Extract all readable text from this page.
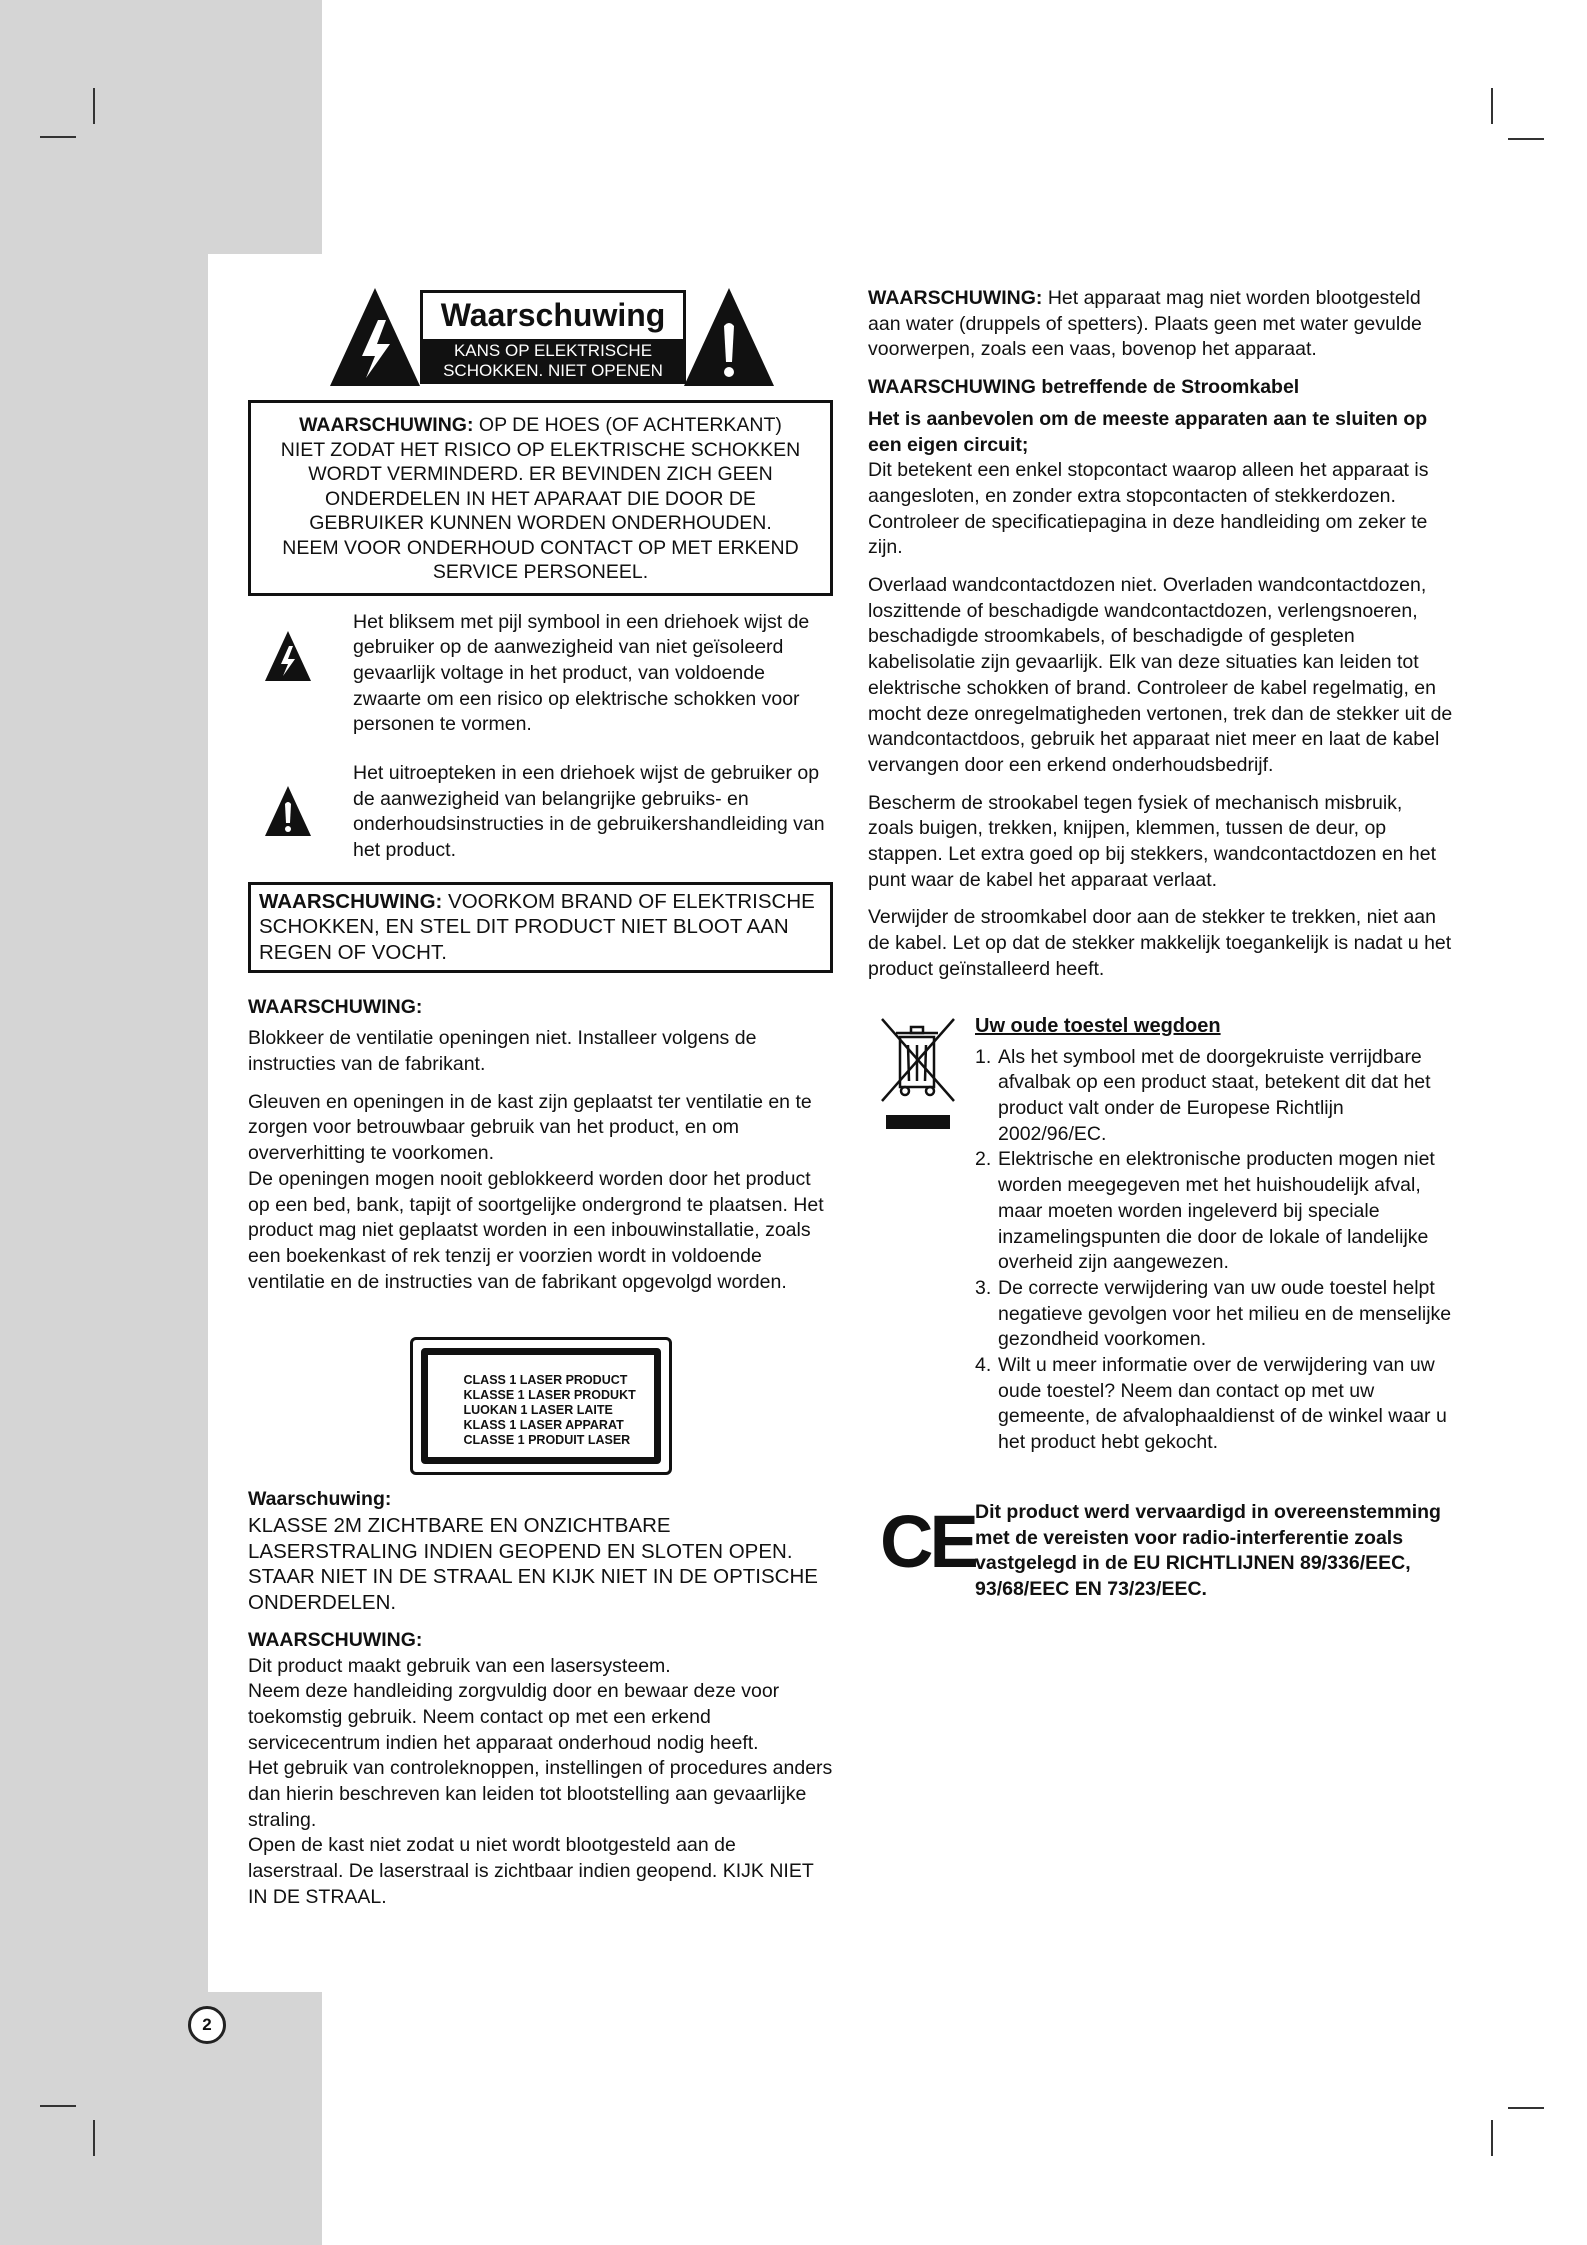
2
Waarschuwing
KANS OP ELEKTRISCHE
SCHOKKEN. NIET OPENEN
WAARSCHUWING: OP DE HOES (OF ACHTERKANT)
NIET ZODAT HET RISICO OP ELEKTRISCHE SCHOKKEN
WORDT VERMINDERD. ER BEVINDEN ZICH GEEN
ONDERDELEN IN HET APARAAT DIE DOOR DE
GEBRUIKER KUNNEN WORDEN ONDERHOUDEN.
NEEM VOOR ONDERHOUD CONTACT OP MET ERKEND
SERVICE PERSONEEL.

Het bliksem met pijl symbool in een driehoek wijst de gebruiker op de aanwezigheid van niet geïsoleerd gevaarlijk voltage in het product, van voldoende zwaarte om een risico op elektrische schokken voor personen te vormen.

Het uitroepteken in een driehoek wijst de gebruiker op de aanwezigheid van belangrijke gebruiks- en onderhoudsinstructies in de gebruikershandleiding van het product.

WAARSCHUWING: VOORKOM BRAND OF ELEKTRISCHE SCHOKKEN, EN STEL DIT PRODUCT NIET BLOOT AAN REGEN OF VOCHT.
WAARSCHUWING:

Blokkeer de ventilatie openingen niet. Installeer volgens de instructies van de fabrikant.

Gleuven en openingen in de kast zijn geplaatst ter ventilatie en te zorgen voor betrouwbaar gebruik van het product, en om oververhitting te voorkomen.

De openingen mogen nooit geblokkeerd worden door het product op een bed, bank, tapijt of soortgelijke ondergrond te plaatsen. Het product mag niet geplaatst worden in een inbouwinstallatie, zoals een boekenkast of rek tenzij er voorzien wordt in voldoende ventilatie en de instructies van de fabrikant opgevolgd worden.

CLASS 1 LASER PRODUCT
KLASSE 1 LASER PRODUKT
LUOKAN 1 LASER LAITE
KLASS 1 LASER APPARAT
CLASSE 1 PRODUIT LASER
Waarschuwing:

KLASSE 2M ZICHTBARE EN ONZICHTBARE LASERSTRALING INDIEN GEOPEND EN SLOTEN OPEN. STAAR NIET IN DE STRAAL EN KIJK NIET IN DE OPTISCHE ONDERDELEN.

WAARSCHUWING:

Dit product maakt gebruik van een lasersysteem.

Neem deze handleiding zorgvuldig door en bewaar deze voor toekomstig gebruik. Neem contact op met een erkend servicecentrum indien het apparaat onderhoud nodig heeft.

Het gebruik van controleknoppen, instellingen of procedures anders dan hierin beschreven kan leiden tot blootstelling aan gevaarlijke straling.

Open de kast niet zodat u niet wordt blootgesteld aan de laserstraal. De laserstraal is zichtbaar indien geopend. KIJK NIET IN DE STRAAL.

WAARSCHUWING: Het apparaat mag niet worden blootgesteld aan water (druppels of spetters). Plaats geen met water gevulde voorwerpen, zoals een vaas, bovenop het apparaat.

WAARSCHUWING betreffende de Stroomkabel
Het is aanbevolen om de meeste apparaten aan te sluiten op een eigen circuit;

Dit betekent een enkel stopcontact waarop alleen het apparaat is aangesloten, en zonder extra stopcontacten of stekkerdozen. Controleer de specificatiepagina in deze handleiding om zeker te zijn.

Overlaad wandcontactdozen niet. Overladen wandcontactdozen, loszittende of beschadigde wandcontactdozen, verlengsnoeren, beschadigde stroomkabels, of beschadigde of gespleten kabelisolatie zijn gevaarlijk. Elk van deze situaties kan leiden tot elektrische schokken of brand. Controleer de kabel regelmatig, en mocht deze onregelmatigheden vertonen, trek dan de stekker uit de wandcontactdoos, gebruik het apparaat niet meer en laat de kabel vervangen door een erkend onderhoudsbedrijf.

Bescherm de strookabel tegen fysiek of mechanisch misbruik, zoals buigen, trekken, knijpen, klemmen, tussen de deur, op stappen. Let extra goed op bij stekkers, wandcontactdozen en het punt waar de kabel het apparaat verlaat.

Verwijder de stroomkabel door aan de stekker te trekken, niet aan de kabel. Let op dat de stekker makkelijk toegankelijk is nadat u het product geïnstalleerd heeft.

Uw oude toestel wegdoen
1. Als het symbool met de doorgekruiste verrijdbare afvalbak op een product staat, betekent dit dat het product valt onder de Europese Richtlijn 2002/96/EC.
2. Elektrische en elektronische producten mogen niet worden meegegeven met het huishoudelijk afval, maar moeten worden ingeleverd bij speciale inzamelingspunten die door de lokale of landelijke overheid zijn aangewezen.
3. De correcte verwijdering van uw oude toestel helpt negatieve gevolgen voor het milieu en de menselijke gezondheid voorkomen.
4. Wilt u meer informatie over de verwijdering van uw oude toestel? Neem dan contact op met uw gemeente, de afvalophaaldienst of de winkel waar u het product hebt gekocht.
CE Dit product werd vervaardigd in overeenstemming met de vereisten voor radio-interferentie zoals vastgelegd in de EU RICHTLIJNEN 89/336/EEC, 93/68/EEC EN 73/23/EEC.
